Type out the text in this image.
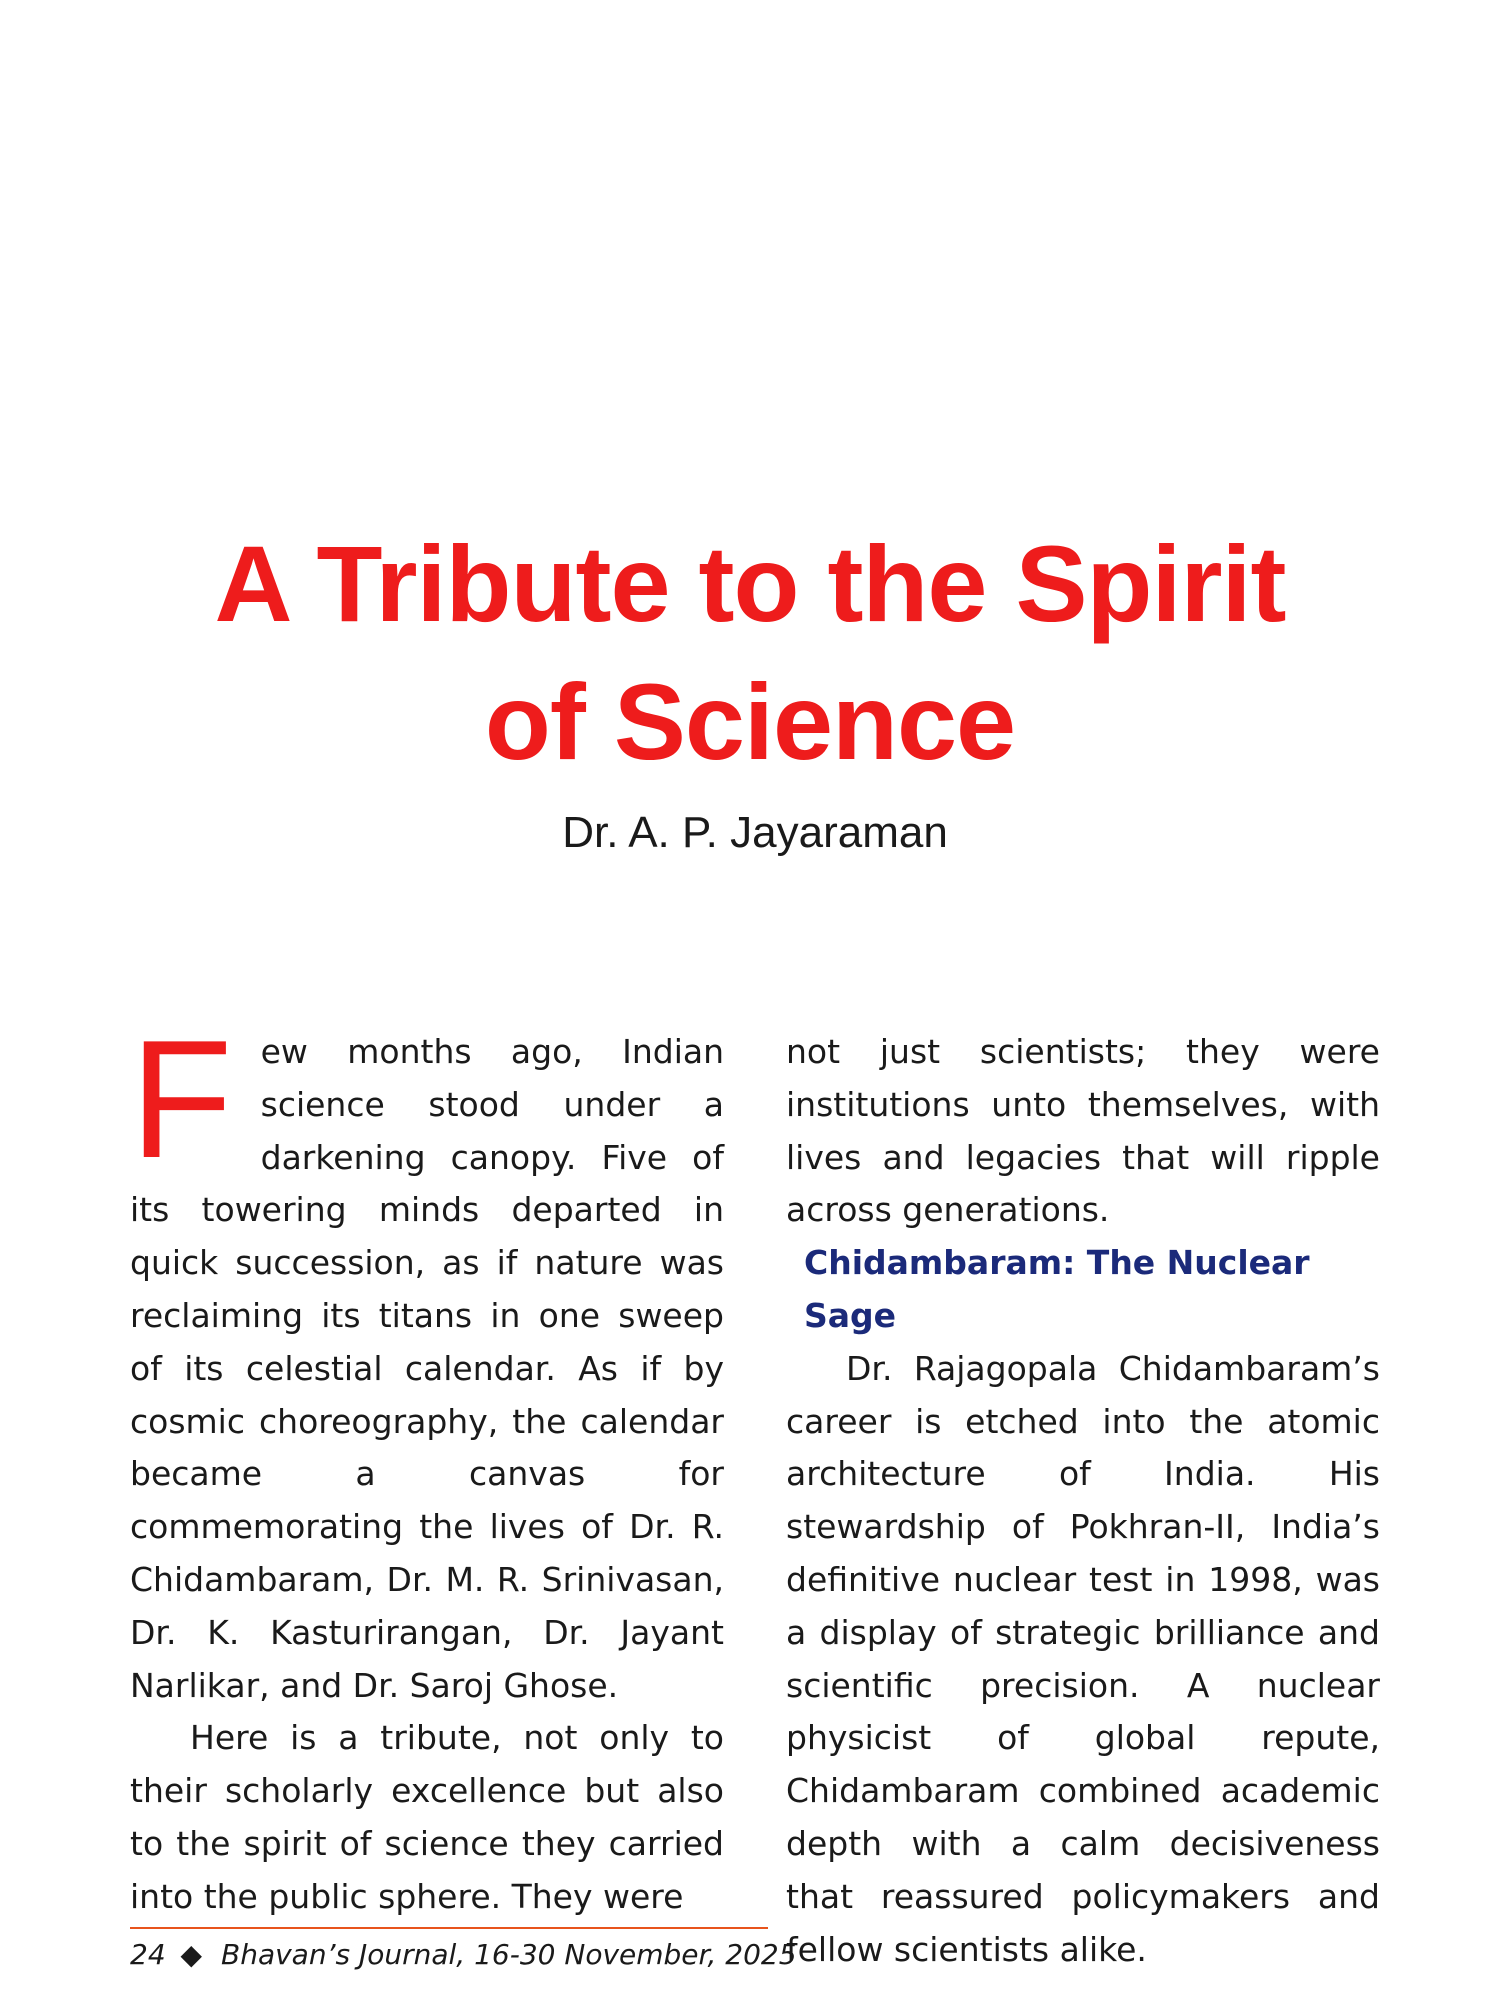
A Tribute to the Spirit
of Science
Dr. A. P. Jayaraman

Few months ago, Indian science stood under a darkening canopy. Five of its towering minds departed in quick succession, as if nature was reclaiming its titans in one sweep of its celestial calendar. As if by cosmic choreography, the calendar became a canvas for commemorating the lives of Dr. R. Chidambaram, Dr. M. R. Srinivasan, Dr. K. Kasturirangan, Dr. Jayant Narlikar, and Dr. Saroj Ghose.

Here is a tribute, not only to their scholarly excellence but also to the spirit of science they carried into the public sphere. They were

not just scientists; they were institutions unto themselves, with lives and legacies that will ripple across generations.

Chidambaram: The Nuclear Sage

Dr. Rajagopala Chidambaram’s career is etched into the atomic architecture of India. His stewardship of Pokhran-II, India’s definitive nuclear test in 1998, was a display of strategic brilliance and scientific precision. A nuclear physicist of global repute, Chidambaram combined academic depth with a calm decisiveness that reassured policymakers and fellow scientists alike.

24 ◆ Bhavan’s Journal, 16-30 November, 2025
